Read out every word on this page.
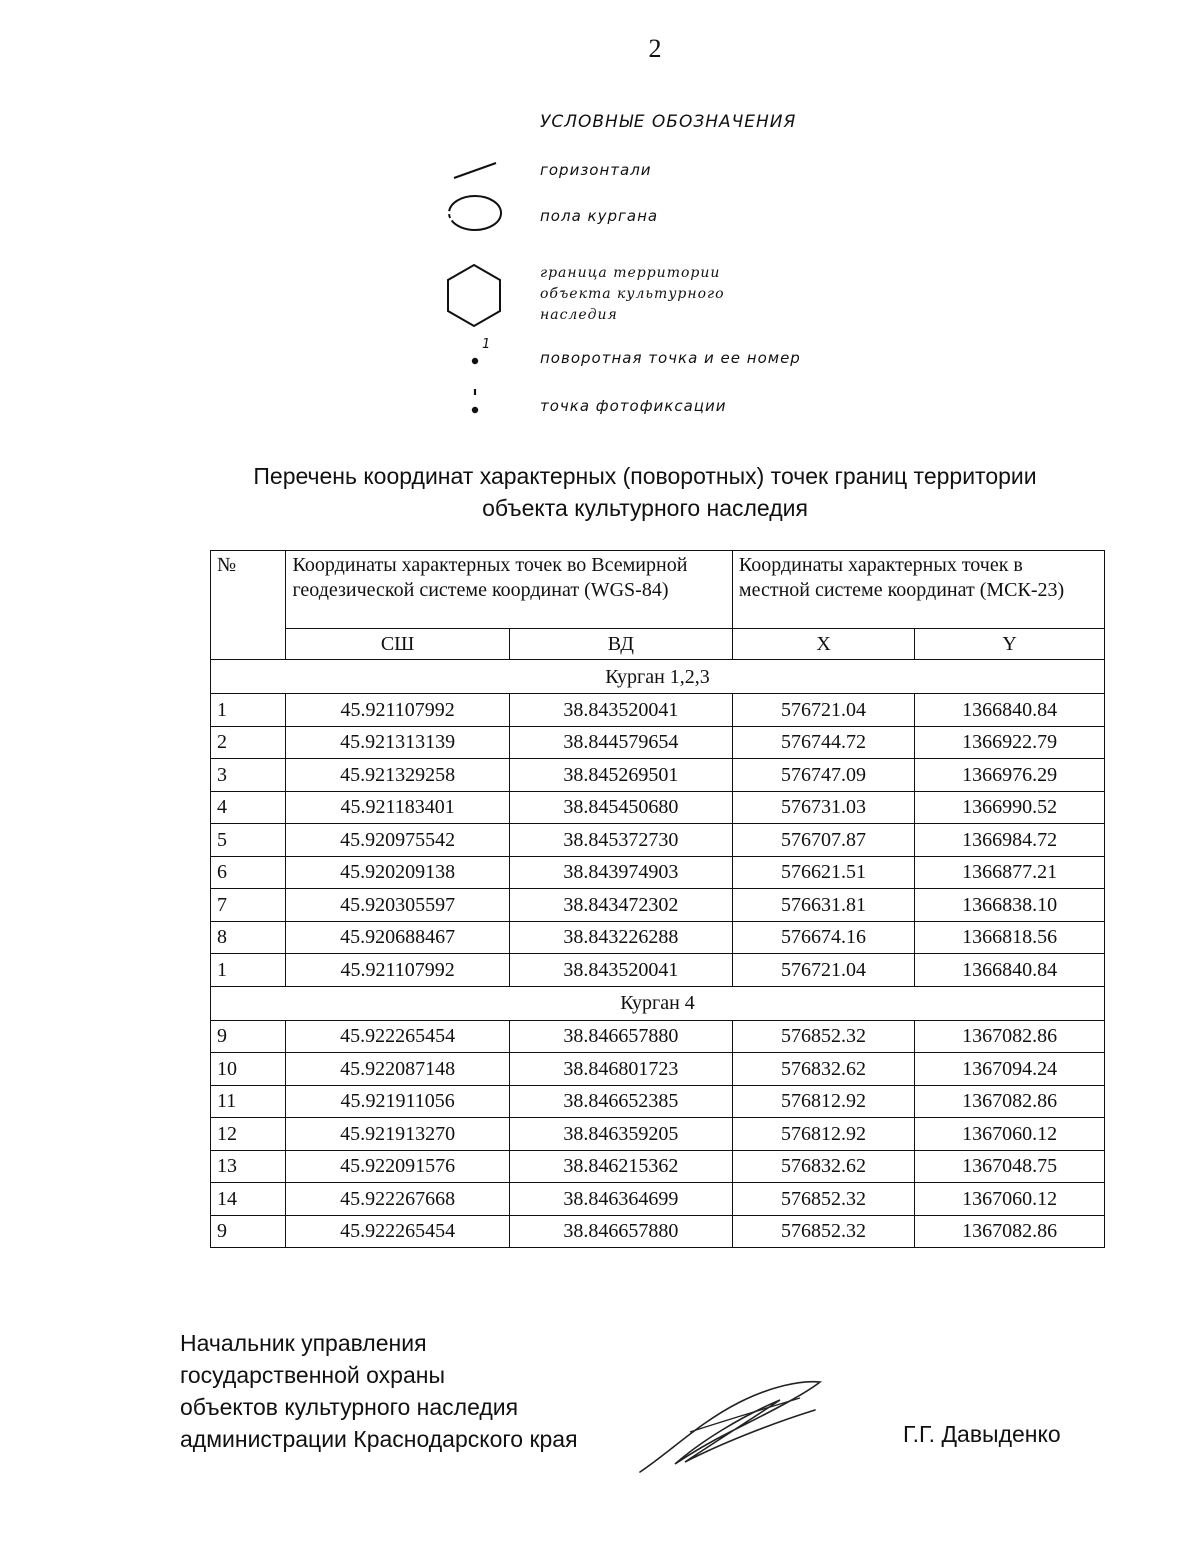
2
УСЛОВНЫЕ ОБОЗНАЧЕНИЯ
горизонтали
пола кургана
граница территории
объекта культурного
наследия
1
поворотная точка и ее номер
точка фотофиксации
Перечень координат характерных (поворотных) точек границ территории
объекта культурного наследия
№	Координаты характерных точек во Всемирной геодезической системе координат (WGS-84)		Координаты характерных точек в местной системе координат (МСК-23)	
	СШ	ВД	X	Y
Курган 1,2,3				
1	45.921107992	38.843520041	576721.04	1366840.84
2	45.921313139	38.844579654	576744.72	1366922.79
3	45.921329258	38.845269501	576747.09	1366976.29
4	45.921183401	38.845450680	576731.03	1366990.52
5	45.920975542	38.845372730	576707.87	1366984.72
6	45.920209138	38.843974903	576621.51	1366877.21
7	45.920305597	38.843472302	576631.81	1366838.10
8	45.920688467	38.843226288	576674.16	1366818.56
1	45.921107992	38.843520041	576721.04	1366840.84
Курган 4				
9	45.922265454	38.846657880	576852.32	1367082.86
10	45.922087148	38.846801723	576832.62	1367094.24
11	45.921911056	38.846652385	576812.92	1367082.86
12	45.921913270	38.846359205	576812.92	1367060.12
13	45.922091576	38.846215362	576832.62	1367048.75
14	45.922267668	38.846364699	576852.32	1367060.12
9	45.922265454	38.846657880	576852.32	1367082.86
Начальник управления
государственной охраны
объектов культурного наследия
администрации Краснодарского края	Г.Г. Давыденко
